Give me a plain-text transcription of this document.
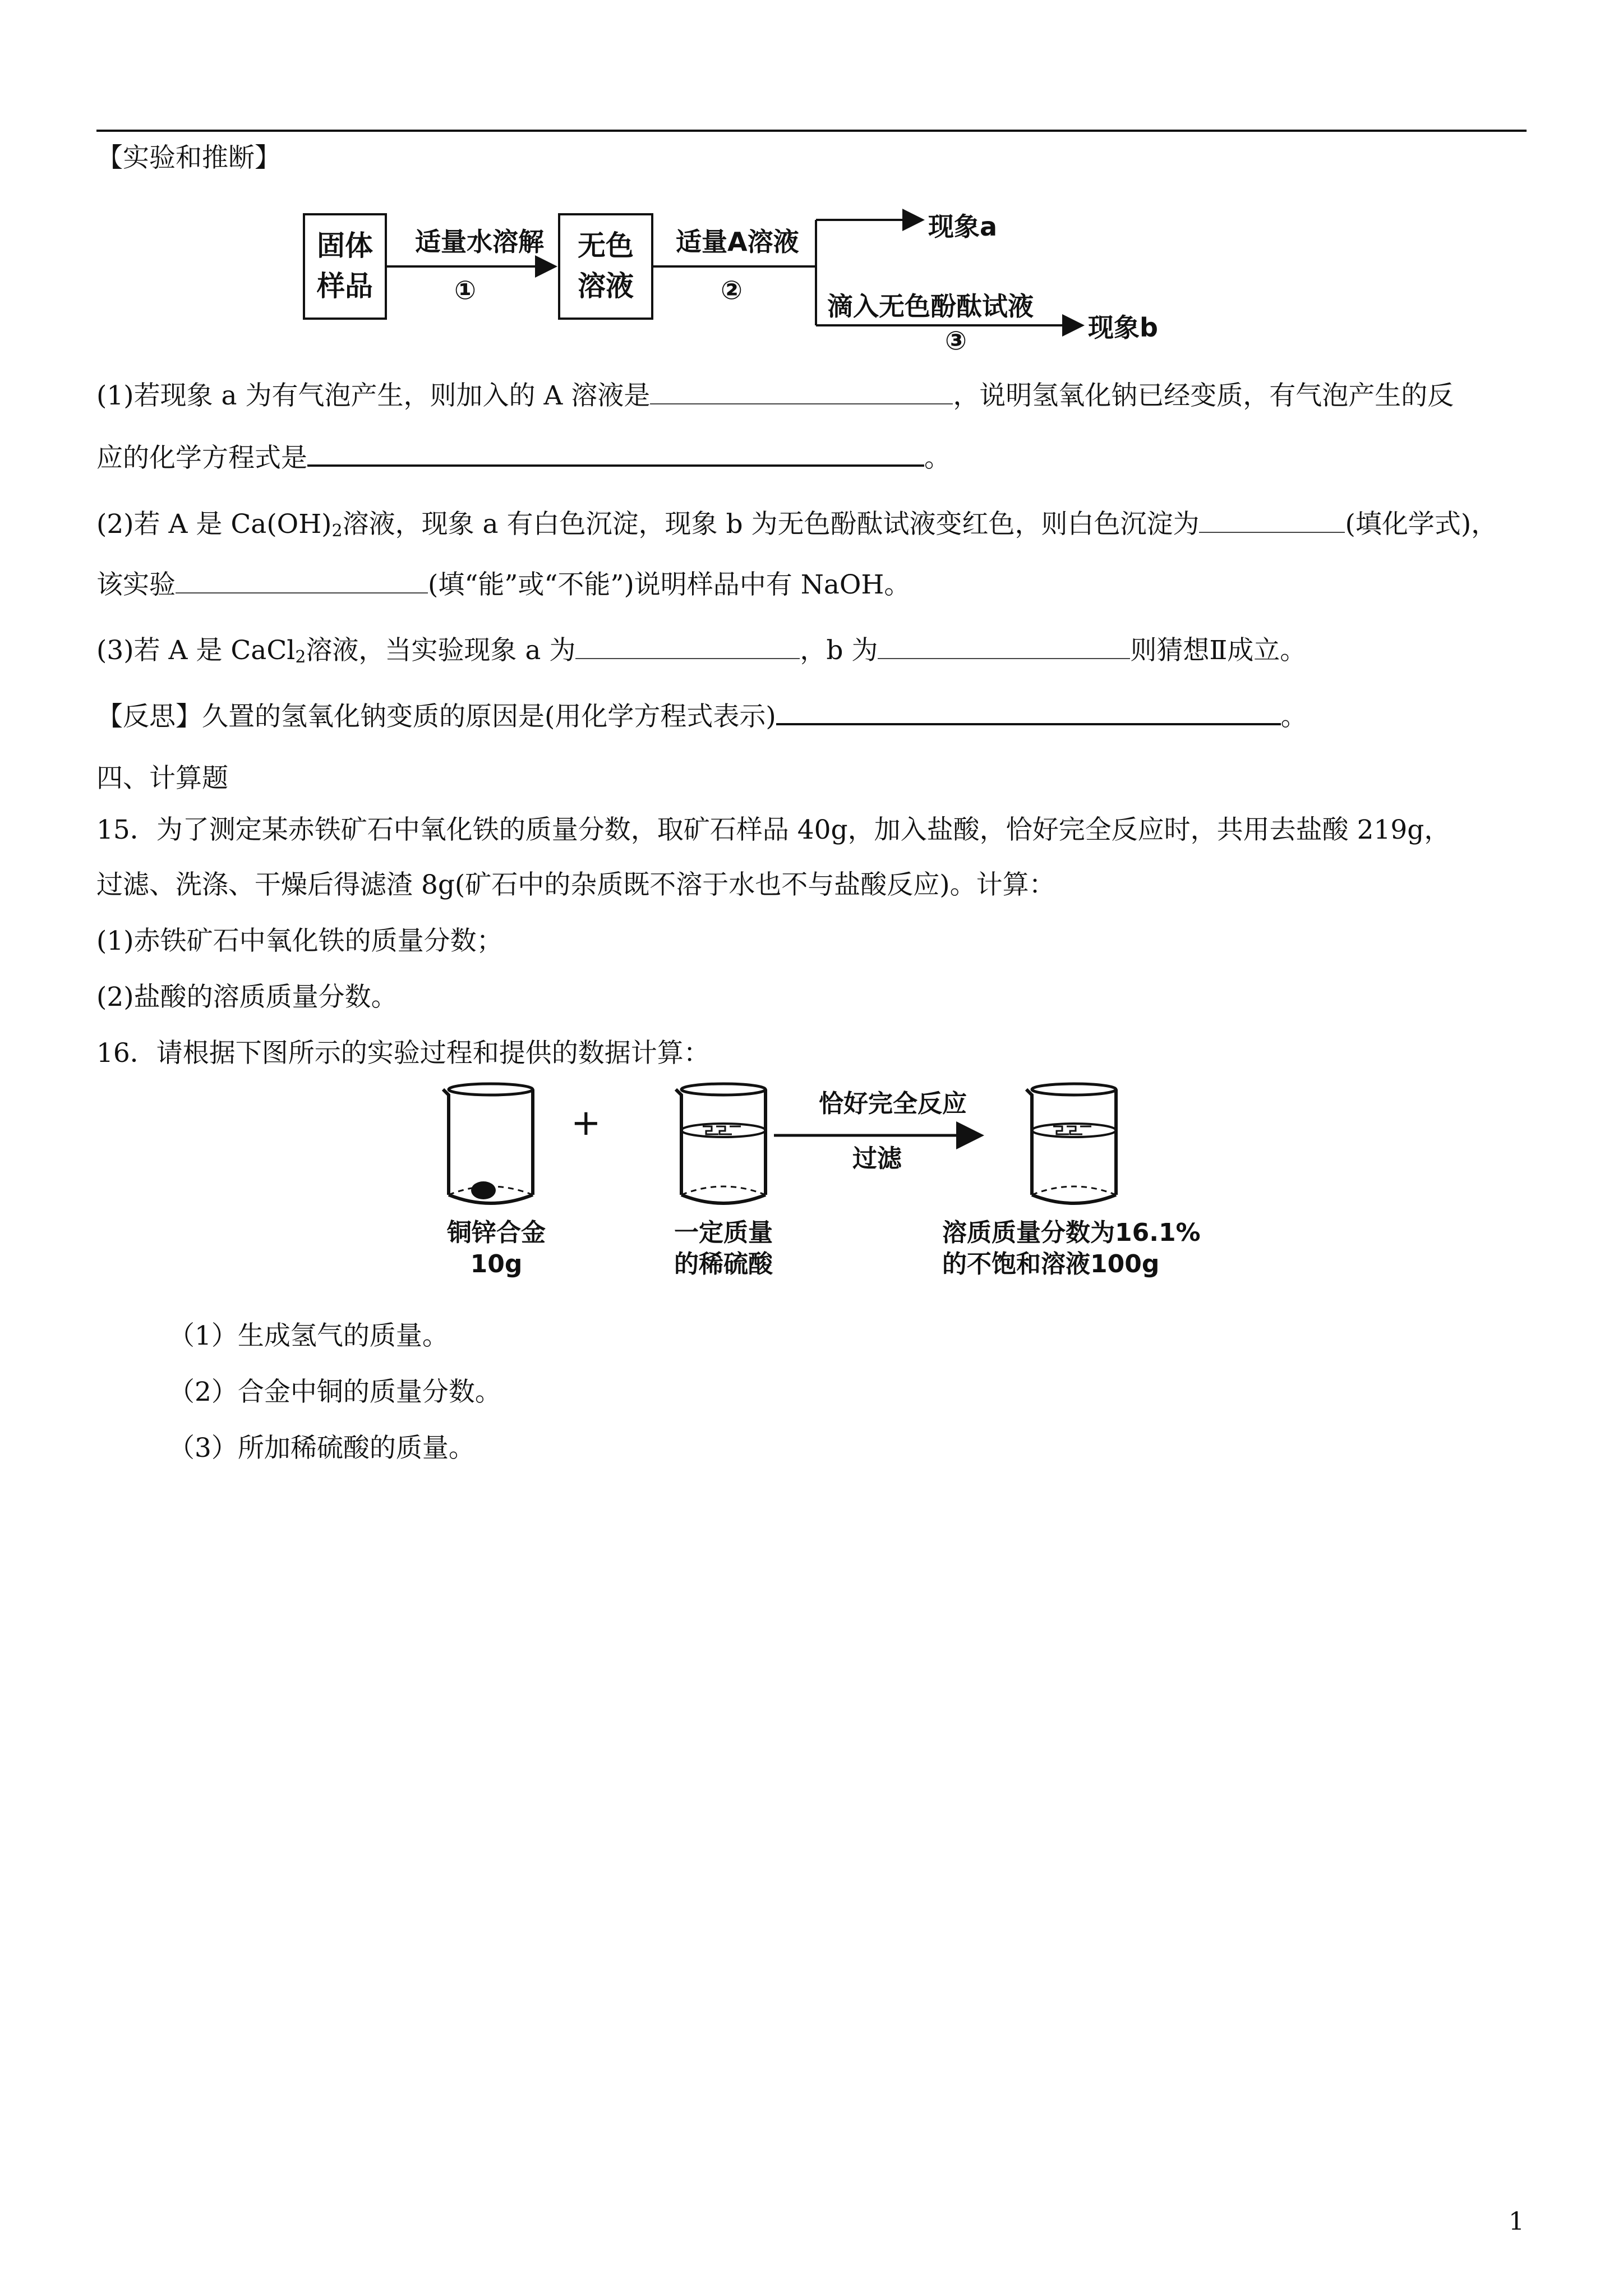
【实验和推断】
固体
样品
适量水溶解
①
无色
溶液
适量A溶液
②
现象a
滴入无色酚酞试液
③	现象b
(1)若现象 a 为有气泡产生，则加入的 A 溶液是	，说明氢氧化钠已经变质，有气泡产生的反
应的化学方程式是	。
(2)若 A 是 $Ca(OH)_2$溶液，现象 a 有白色沉淀，现象 b 为无色酚酞试液变红色，则白色沉淀为	(填化学式)，
该实验	(填“能”或“不能”)说明样品中有 NaOH。
(3)若 A 是 CaCl$_2$溶液，当实验现象 a 为	，b 为	则猜想Ⅱ成立。
【反思】久置的氢氧化钠变质的原因是(用化学方程式表示)	。
四、计算题
15．为了测定某赤铁矿石中氧化铁的质量分数，取矿石样品 40g，加入盐酸，恰好完全反应时，共用去盐酸 219g，
过滤、洗涤、干燥后得滤渣 8g(矿石中的杂质既不溶于水也不与盐酸反应)。计算：
(1)赤铁矿石中氧化铁的质量分数；
(2)盐酸的溶质质量分数。
16．请根据下图所示的实验过程和提供的数据计算：
+	恰好完全反应
过滤
铜锌合金
10g
一定质量
的稀硫酸
溶质质量分数为16.1%
的不饱和溶液100g
（1）生成氢气的质量。
（2）合金中铜的质量分数。
（3）所加稀硫酸的质量。
1
